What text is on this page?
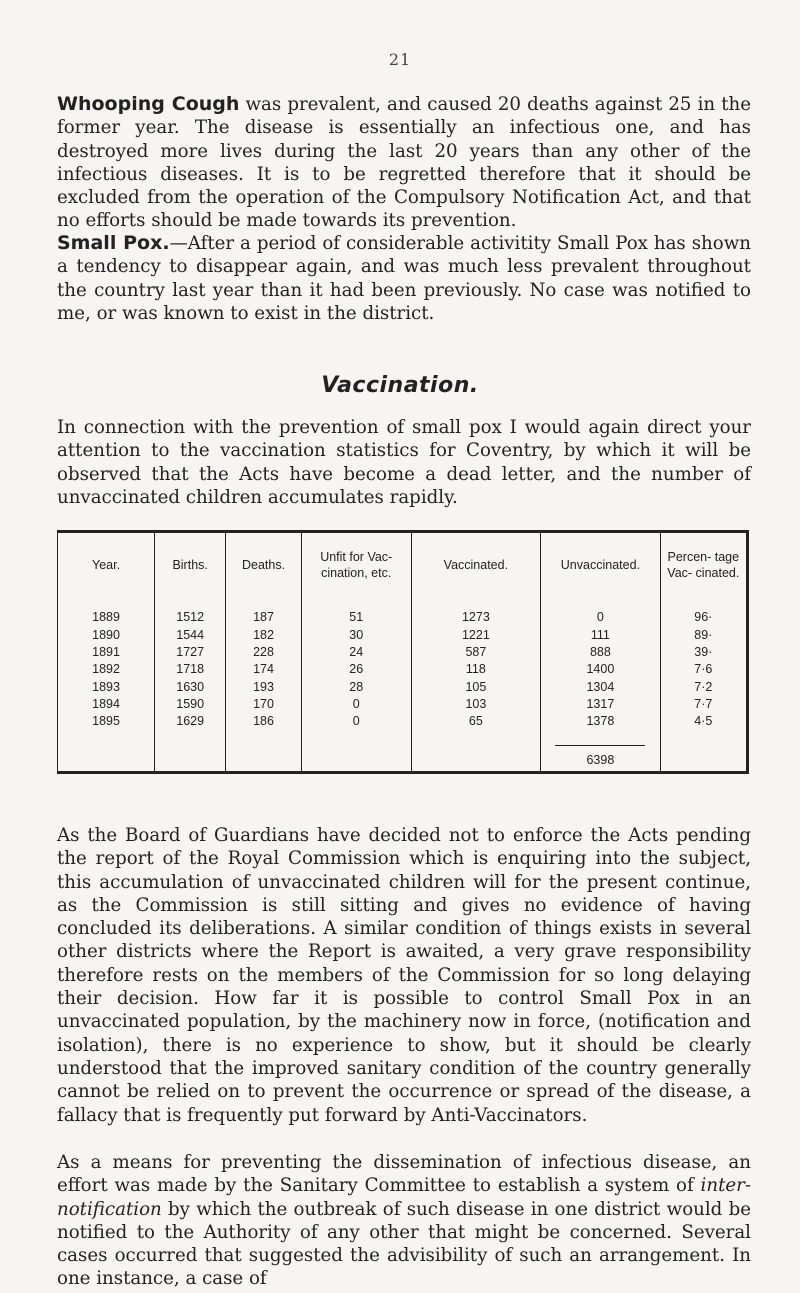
21

Whooping Cough was prevalent, and caused 20 deaths against 25 in the former year. The disease is essentially an infectious one, and has destroyed more lives during the last 20 years than any other of the infectious diseases. It is to be regretted therefore that it should be excluded from the operation of the Compulsory Notification Act, and that no efforts should be made towards its prevention.

Small Pox.—After a period of considerable activitity Small Pox has shown a tendency to disappear again, and was much less prevalent throughout the country last year than it had been previously. No case was notified to me, or was known to exist in the district.

Vaccination.

In connection with the prevention of small pox I would again direct your attention to the vaccination statistics for Coventry, by which it will be observed that the Acts have become a dead letter, and the number of unvaccinated children accumulates rapidly.

Year.	Births.	Deaths.	Unfit for Vac- cination, etc.	Vaccinated.	Unvaccinated.	Percen- tage Vac- cinated.
1889	1512	187	51	1273	0	96·
1890	1544	182	30	1221	111	89·
1891	1727	228	24	587	888	39·
1892	1718	174	26	118	1400	7·6
1893	1630	193	28	105	1304	7·2
1894	1590	170	0	103	1317	7·7
1895	1629	186	0	65	1378	4·5

					6398	

As the Board of Guardians have decided not to enforce the Acts pending the report of the Royal Commission which is enquiring into the subject, this accumulation of unvaccinated children will for the present continue, as the Commission is still sitting and gives no evidence of having concluded its deliberations. A similar condition of things exists in several other districts where the Report is awaited, a very grave responsibility therefore rests on the members of the Commission for so long delaying their decision. How far it is possible to control Small Pox in an unvaccinated population, by the machinery now in force, (notification and isolation), there is no experience to show, but it should be clearly understood that the improved sanitary condition of the country generally cannot be relied on to prevent the occurrence or spread of the disease, a fallacy that is frequently put forward by Anti-Vaccinators.

As a means for preventing the dissemination of infectious disease, an effort was made by the Sanitary Committee to establish a system of inter-notification by which the outbreak of such disease in one district would be notified to the Authority of any other that might be concerned. Several cases occurred that suggested the advisibility of such an arrangement. In one instance, a case of
